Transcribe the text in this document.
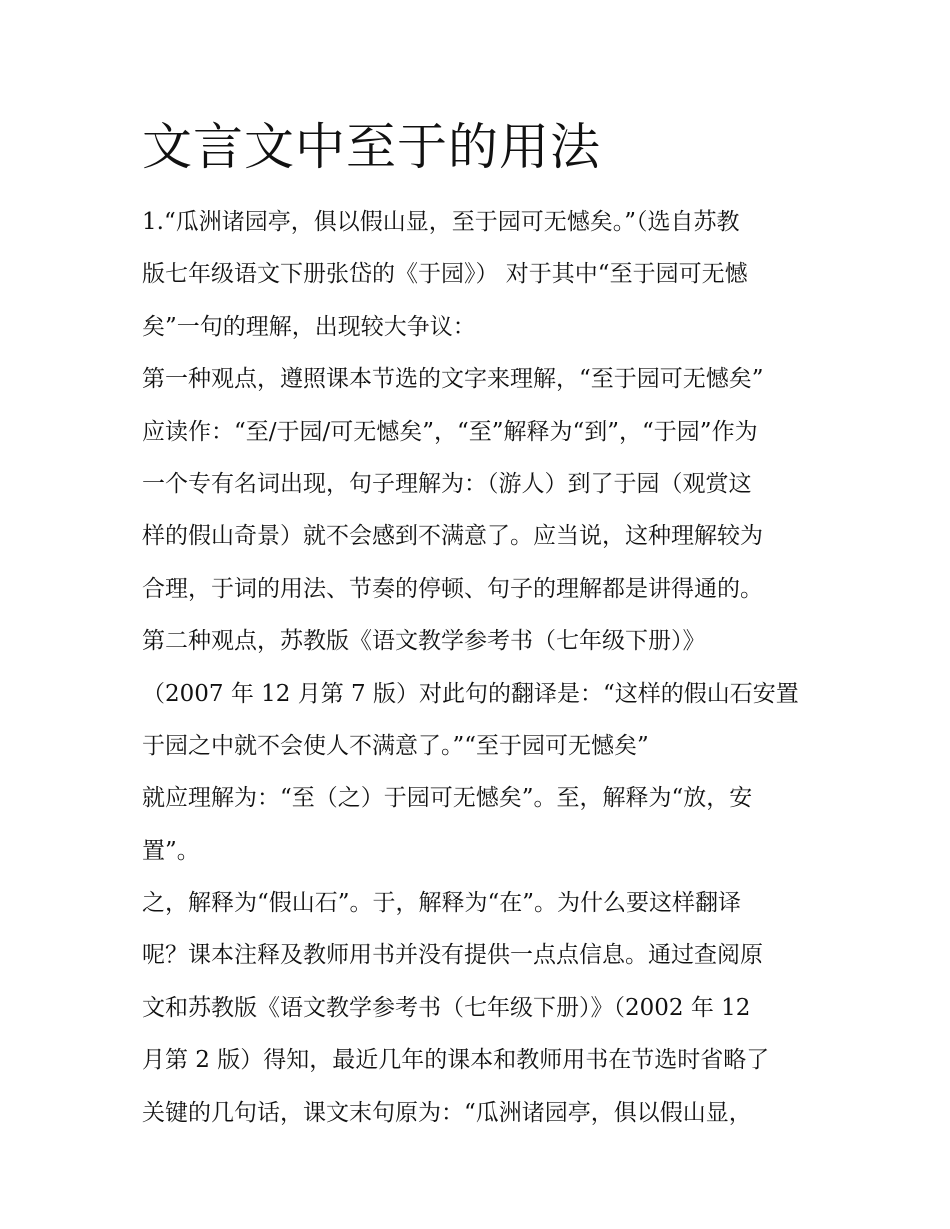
文言文中至于的用法
1.“瓜洲诸园亭，俱以假山显，至于园可无憾矣。”（选自苏教
版七年级语文下册张岱的《于园》） 对于其中“至于园可无憾
矣”一句的理解，出现较大争议：
第一种观点，遵照课本节选的文字来理解，“至于园可无憾矣”
应读作：“至/于园/可无憾矣”，“至”解释为“到”，“于园”作为
一个专有名词出现，句子理解为：（游人）到了于园（观赏这
样的假山奇景）就不会感到不满意了。应当说，这种理解较为
合理，于词的用法、节奏的停顿、句子的理解都是讲得通的。
第二种观点，苏教版《语文教学参考书（七年级下册）》
（2007 年 12 月第 7 版）对此句的翻译是：“这样的假山石安置
于园之中就不会使人不满意了。”“至于园可无憾矣”
就应理解为：“至（之）于园可无憾矣”。至，解释为“放，安
置”。
之，解释为“假山石”。于，解释为“在”。为什么要这样翻译
呢？课本注释及教师用书并没有提供一点点信息。通过查阅原
文和苏教版《语文教学参考书（七年级下册）》（2002 年 12
月第 2 版）得知，最近几年的课本和教师用书在节选时省略了
关键的几句话，课文末句原为：“瓜洲诸园亭，俱以假山显，
